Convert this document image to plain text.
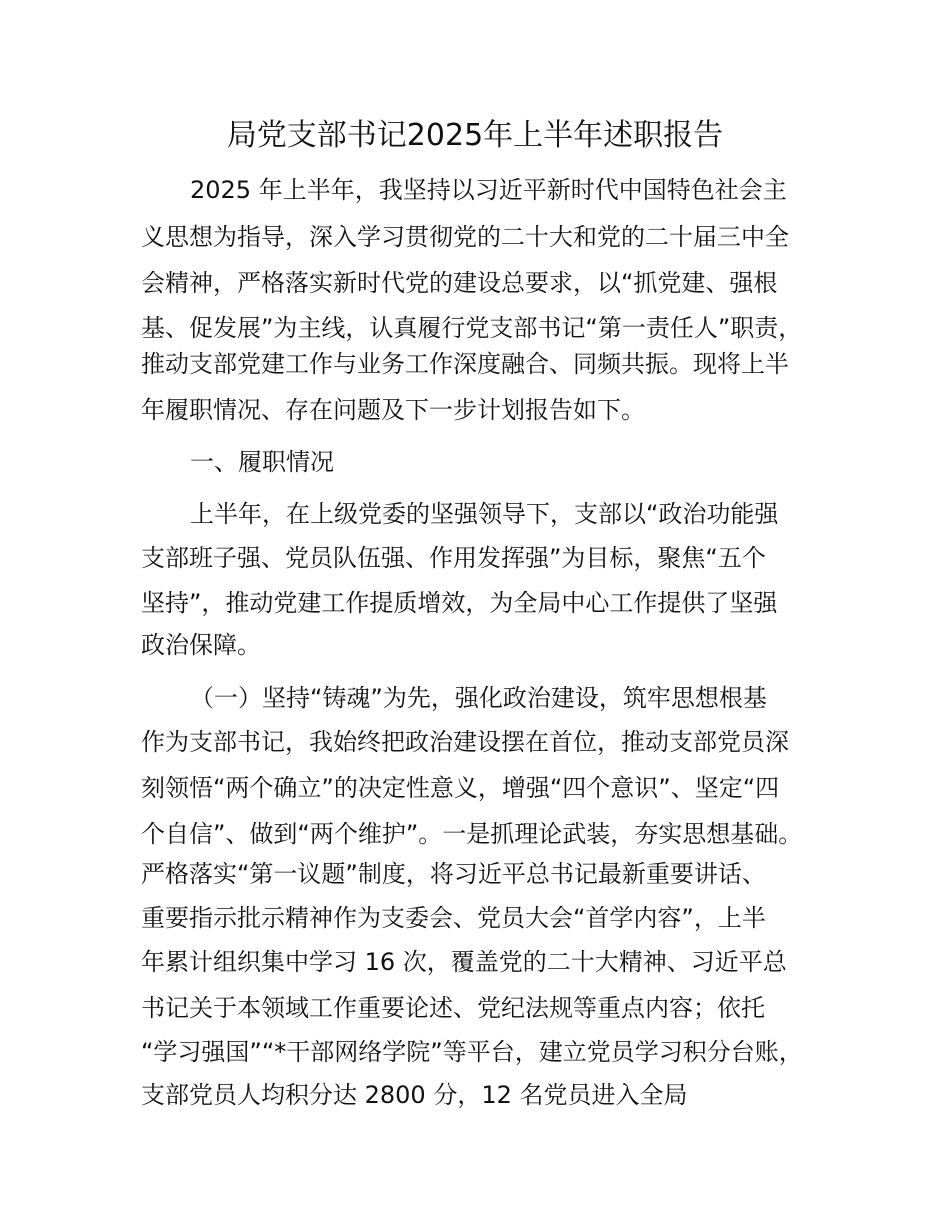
局党支部书记2025年上半年述职报告
2025 年上半年，我坚持以习近平新时代中国特色社会主
义思想为指导，深入学习贯彻党的二十大和党的二十届三中全
会精神，严格落实新时代党的建设总要求，以“抓党建、强根
基、促发展”为主线，认真履行党支部书记“第一责任人”职责，
推动支部党建工作与业务工作深度融合、同频共振。现将上半
年履职情况、存在问题及下一步计划报告如下。
一、履职情况
上半年，在上级党委的坚强领导下，支部以“政治功能强
支部班子强、党员队伍强、作用发挥强”为目标，聚焦“五个
坚持”，推动党建工作提质增效，为全局中心工作提供了坚强
政治保障。
（一）坚持“铸魂”为先，强化政治建设，筑牢思想根基
作为支部书记，我始终把政治建设摆在首位，推动支部党员深
刻领悟“两个确立”的决定性意义，增强“四个意识”、坚定“四
个自信”、做到“两个维护”。一是抓理论武装，夯实思想基础。
严格落实“第一议题”制度，将习近平总书记最新重要讲话、
重要指示批示精神作为支委会、党员大会“首学内容”，上半
年累计组织集中学习 16 次，覆盖党的二十大精神、习近平总
书记关于本领域工作重要论述、党纪法规等重点内容；依托
“学习强国”“*干部网络学院”等平台，建立党员学习积分台账，
支部党员人均积分达 2800 分，12 名党员进入全局
